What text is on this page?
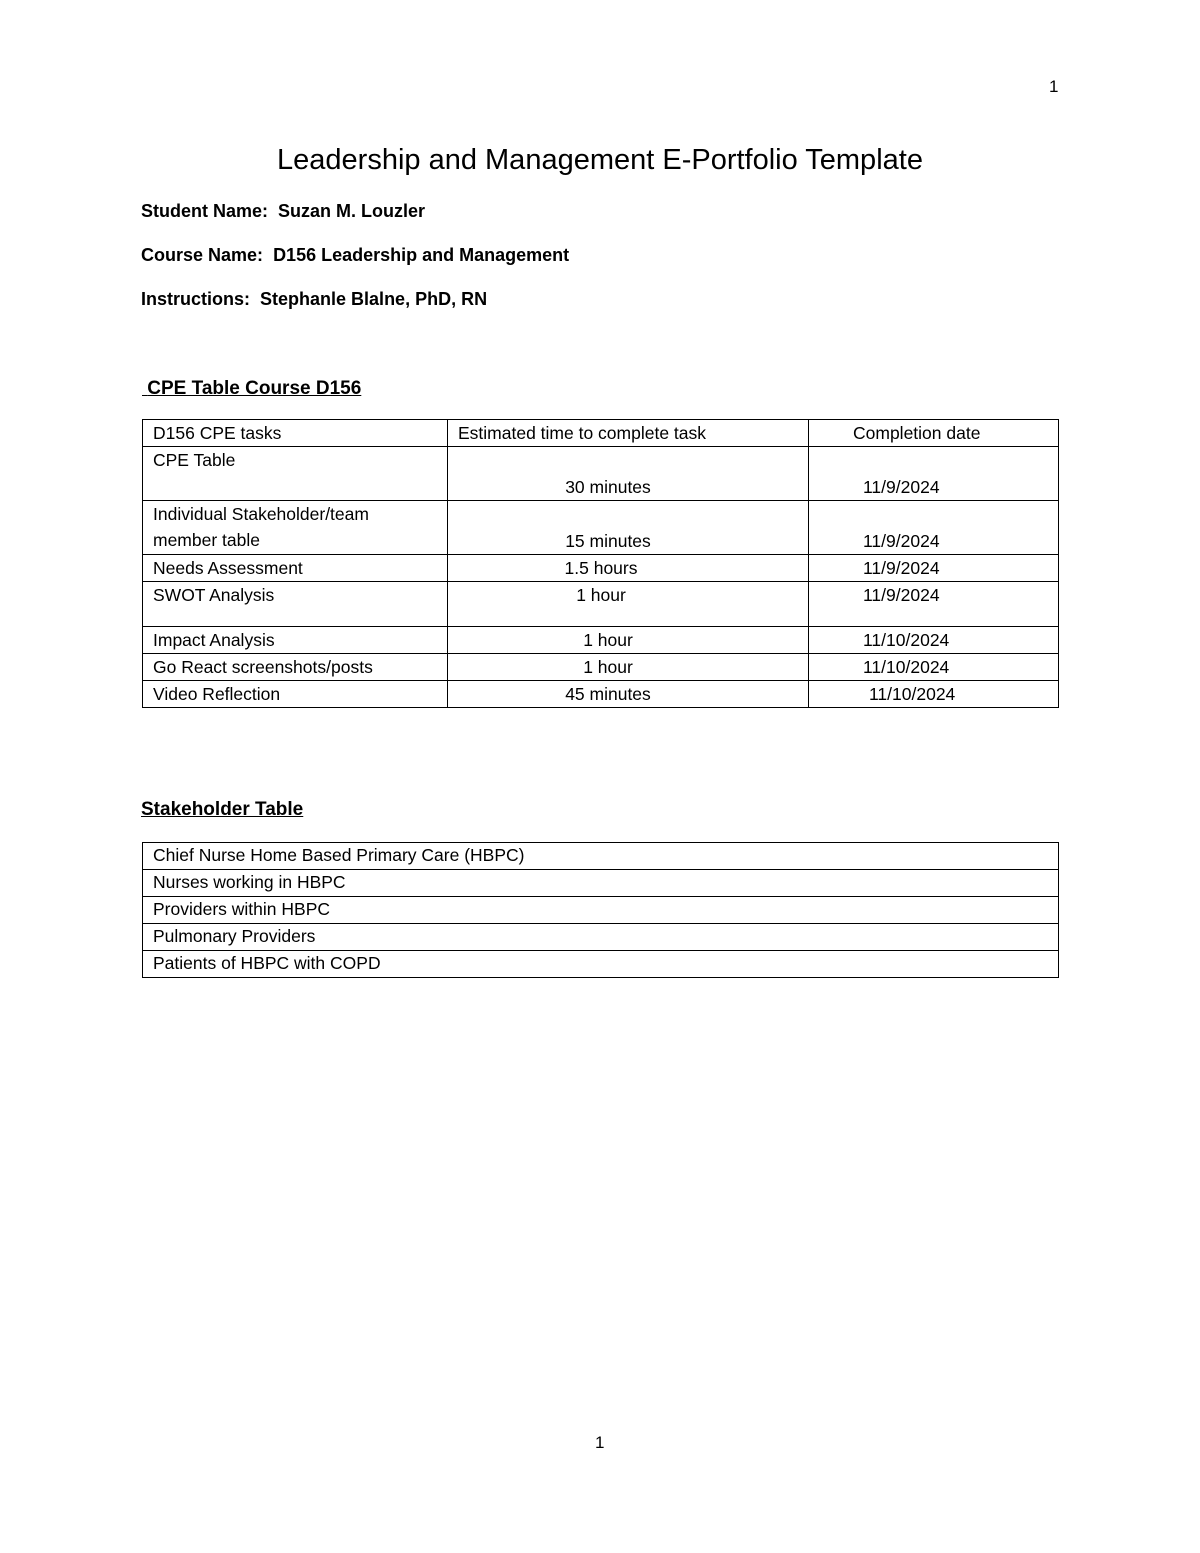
1
Leadership and Management E-Portfolio Template
Student Name: Suzan M. Louzler
Course Name: D156 Leadership and Management
Instructions: Stephanle Blalne, PhD, RN
CPE Table Course D156
D156 CPE tasks	Estimated time to complete task	Completion date
CPE Table	30 minutes	11/9/2024
Individual Stakeholder/team member table	15 minutes	11/9/2024
Needs Assessment	1.5 hours	11/9/2024
SWOT Analysis	1 hour	11/9/2024
Impact Analysis	1 hour	11/10/2024
Go React screenshots/posts	1 hour	11/10/2024
Video Reflection	45 minutes	11/10/2024
Stakeholder Table
Chief Nurse Home Based Primary Care (HBPC)
Nurses working in HBPC
Providers within HBPC
Pulmonary Providers
Patients of HBPC with COPD
1
